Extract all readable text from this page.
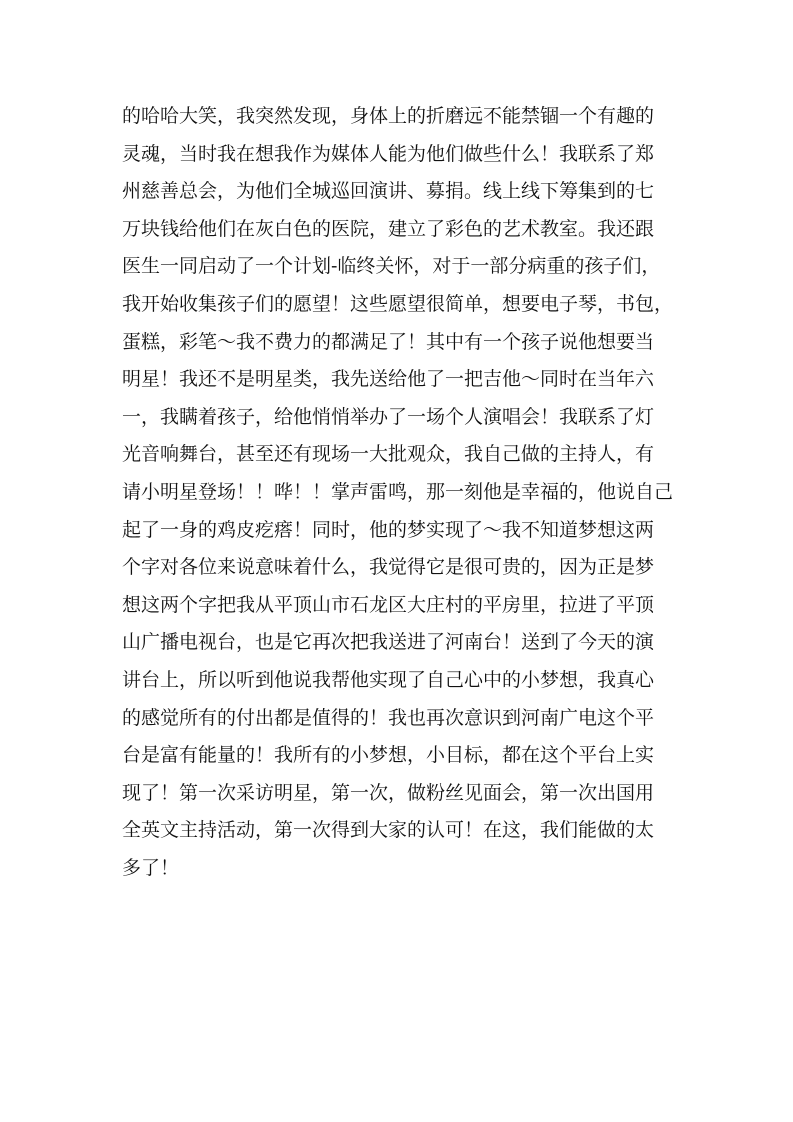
的哈哈大笑，我突然发现，身体上的折磨远不能禁锢一个有趣的
灵魂，当时我在想我作为媒体人能为他们做些什么！我联系了郑
州慈善总会，为他们全城巡回演讲、募捐。线上线下筹集到的七
万块钱给他们在灰白色的医院，建立了彩色的艺术教室。我还跟
医生一同启动了一个计划-临终关怀，对于一部分病重的孩子们，
我开始收集孩子们的愿望！这些愿望很简单，想要电子琴，书包，
蛋糕，彩笔～我不费力的都满足了！其中有一个孩子说他想要当
明星！我还不是明星类，我先送给他了一把吉他～同时在当年六
一，我瞒着孩子，给他悄悄举办了一场个人演唱会！我联系了灯
光音响舞台，甚至还有现场一大批观众，我自己做的主持人，有
请小明星登场！！哗！！掌声雷鸣，那一刻他是幸福的，他说自己
起了一身的鸡皮疙瘩！同时，他的梦实现了～我不知道梦想这两
个字对各位来说意味着什么，我觉得它是很可贵的，因为正是梦
想这两个字把我从平顶山市石龙区大庄村的平房里，拉进了平顶
山广播电视台，也是它再次把我送进了河南台！送到了今天的演
讲台上，所以听到他说我帮他实现了自己心中的小梦想，我真心
的感觉所有的付出都是值得的！我也再次意识到河南广电这个平
台是富有能量的！我所有的小梦想，小目标，都在这个平台上实
现了！第一次采访明星，第一次，做粉丝见面会，第一次出国用
全英文主持活动，第一次得到大家的认可！在这，我们能做的太
多了！
